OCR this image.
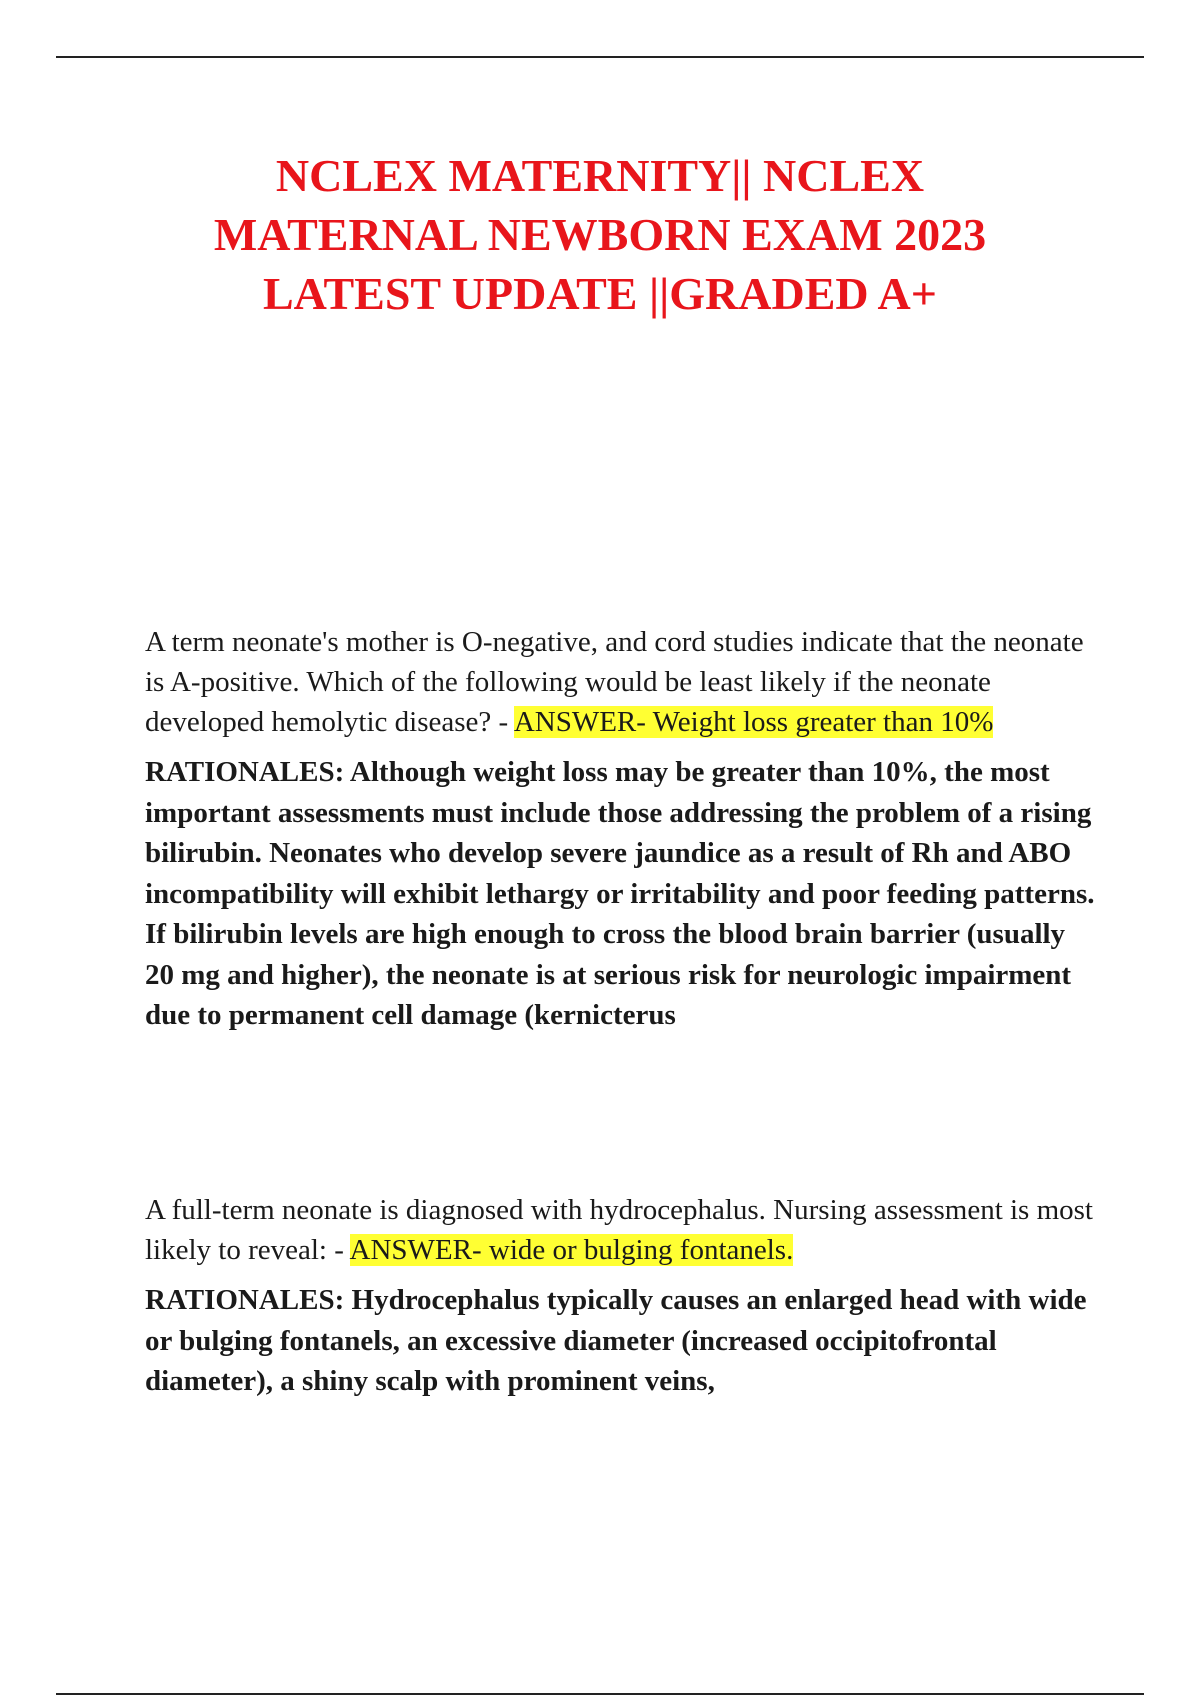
NCLEX MATERNITY|| NCLEX
MATERNAL NEWBORN EXAM 2023
LATEST UPDATE ||GRADED A+

A term neonate's mother is O-negative, and cord studies indicate that the neonate is A-positive. Which of the following would be least likely if the neonate developed hemolytic disease? - ANSWER- Weight loss greater than 10%

RATIONALES: Although weight loss may be greater than 10%, the most important assessments must include those addressing the problem of a rising bilirubin. Neonates who develop severe jaundice as a result of Rh and ABO incompatibility will exhibit lethargy or irritability and poor feeding patterns. If bilirubin levels are high enough to cross the blood brain barrier (usually 20 mg and higher), the neonate is at serious risk for neurologic impairment due to permanent cell damage (kernicterus

A full-term neonate is diagnosed with hydrocephalus. Nursing assessment is most likely to reveal: - ANSWER- wide or bulging fontanels.

RATIONALES: Hydrocephalus typically causes an enlarged head with wide or bulging fontanels, an excessive diameter (increased occipitofrontal diameter), a shiny scalp with prominent veins,
